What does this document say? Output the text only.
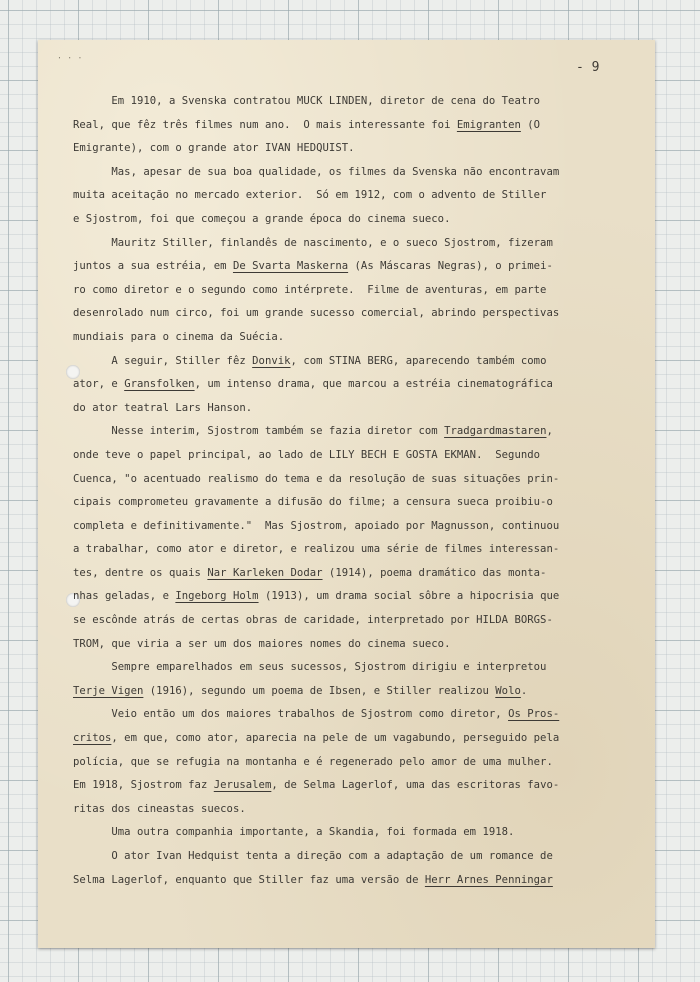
‧ ‧ ‧
- 9
Em 1910, a Svenska contratou MUCK LINDEN, diretor de cena do Teatro
Real, que fêz três filmes num ano.  O mais interessante foi Emigranten (O
Emigrante), com o grande ator IVAN HEDQUIST.
Mas, apesar de sua boa qualidade, os filmes da Svenska não encontravam
muita aceitação no mercado exterior.  Só em 1912, com o advento de Stiller
e Sjostrom, foi que começou a grande época do cinema sueco.
Mauritz Stiller, finlandês de nascimento, e o sueco Sjostrom, fizeram
juntos a sua estréia, em De Svarta Maskerna (As Máscaras Negras), o primei-
ro como diretor e o segundo como intérprete.  Filme de aventuras, em parte
desenrolado num circo, foi um grande sucesso comercial, abrindo perspectivas
mundiais para o cinema da Suécia.
A seguir, Stiller fêz Donvik, com STINA BERG, aparecendo também como
ator, e Gransfolken, um intenso drama, que marcou a estréia cinematográfica
do ator teatral Lars Hanson.
Nesse interim, Sjostrom também se fazia diretor com Tradgardmastaren,
onde teve o papel principal, ao lado de LILY BECH E GOSTA EKMAN.  Segundo
Cuenca, "o acentuado realismo do tema e da resolução de suas situações prin-
cipais comprometeu gravamente a difusão do filme; a censura sueca proibiu-o
completa e definitivamente."  Mas Sjostrom, apoiado por Magnusson, continuou
a trabalhar, como ator e diretor, e realizou uma série de filmes interessan-
tes, dentre os quais Nar Karleken Dodar (1914), poema dramático das monta-
nhas geladas, e Ingeborg Holm (1913), um drama social sôbre a hipocrisia que
se escônde atrás de certas obras de caridade, interpretado por HILDA BORGS-
TROM, que viria a ser um dos maiores nomes do cinema sueco.
Sempre emparelhados em seus sucessos, Sjostrom dirigiu e interpretou
Terje Vigen (1916), segundo um poema de Ibsen, e Stiller realizou Wolo.
Veio então um dos maiores trabalhos de Sjostrom como diretor, Os Pros-
critos, em que, como ator, aparecia na pele de um vagabundo, perseguido pela
polícia, que se refugia na montanha e é regenerado pelo amor de uma mulher.
Em 1918, Sjostrom faz Jerusalem, de Selma Lagerlof, uma das escritoras favo-
ritas dos cineastas suecos.
Uma outra companhia importante, a Skandia, foi formada em 1918.
O ator Ivan Hedquist tenta a direção com a adaptação de um romance de
Selma Lagerlof, enquanto que Stiller faz uma versão de Herr Arnes Penningar
